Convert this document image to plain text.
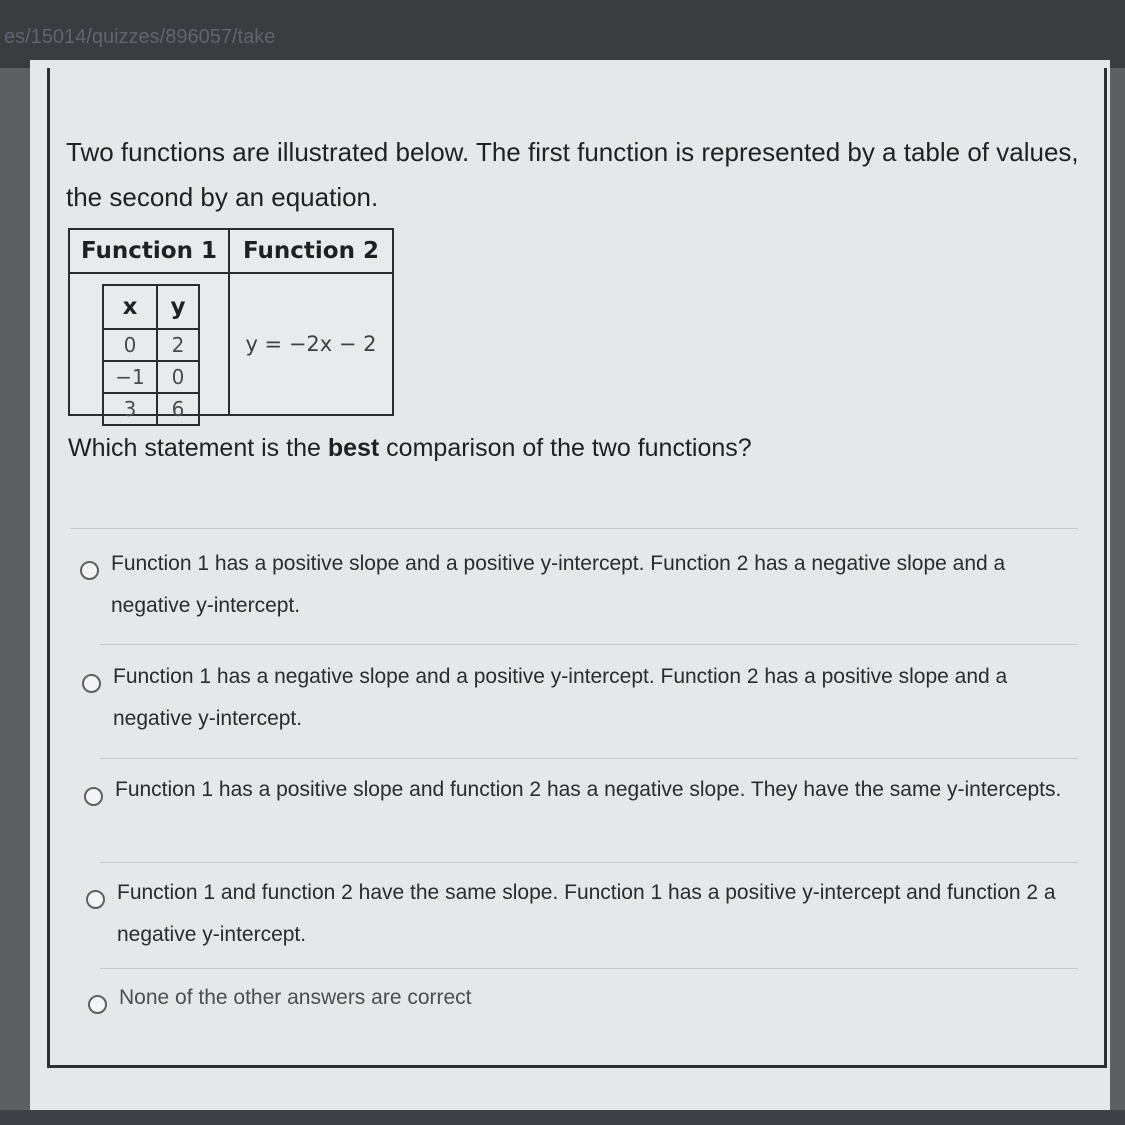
es/15014/quizzes/896057/take
Two functions are illustrated below. The first function is represented by a table of values, the second by an equation.
Function 1	Function 2

x	y
0	2
−1	0
3	6

y = −2x − 2
Which statement is the best comparison of the two functions?
Function 1 has a positive slope and a positive y-intercept. Function 2 has a negative slope and a negative y-intercept.
Function 1 has a negative slope and a positive y-intercept. Function 2 has a positive slope and a negative y-intercept.
Function 1 has a positive slope and function 2 has a negative slope. They have the same y-intercepts.
Function 1 and function 2 have the same slope. Function 1 has a positive y-intercept and function 2 a negative y-intercept.
None of the other answers are correct
